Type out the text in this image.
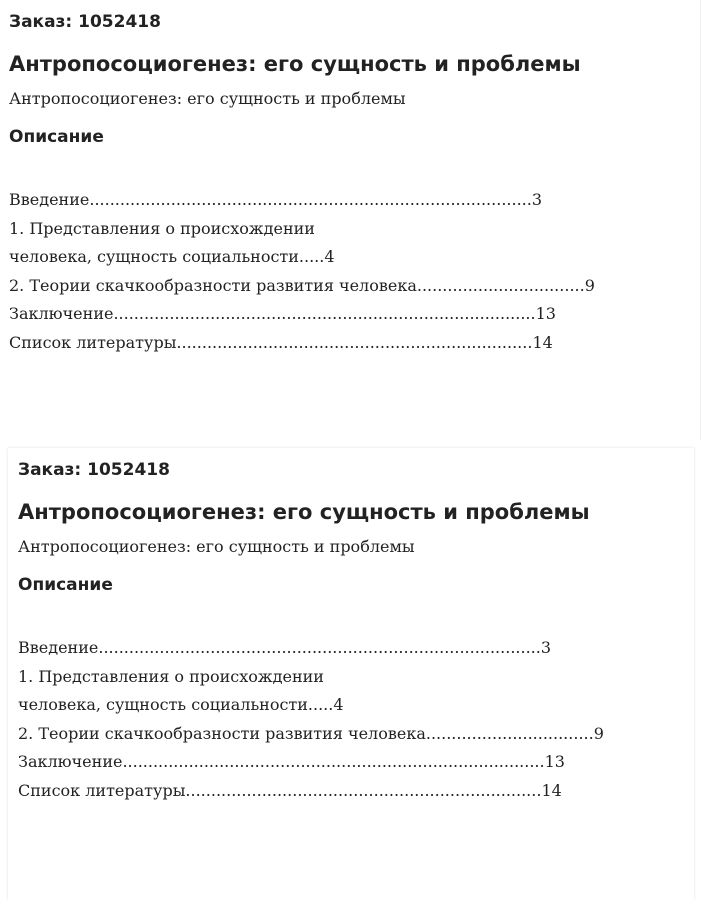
Заказ: 1052418
Антропосоциогенез: его сущность и проблемы
Антропосоциогенез: его сущность и проблемы
Описание
Введение.......................................................................................3
1. Представления о происхождении
человека, сущность социальности.....4
2. Теории скачкообразности развития человека.................................9
Заключение...................................................................................13
Список литературы......................................................................14
Заказ: 1052418
Антропосоциогенез: его сущность и проблемы
Антропосоциогенез: его сущность и проблемы
Описание
Введение.......................................................................................3
1. Представления о происхождении
человека, сущность социальности.....4
2. Теории скачкообразности развития человека.................................9
Заключение...................................................................................13
Список литературы......................................................................14
